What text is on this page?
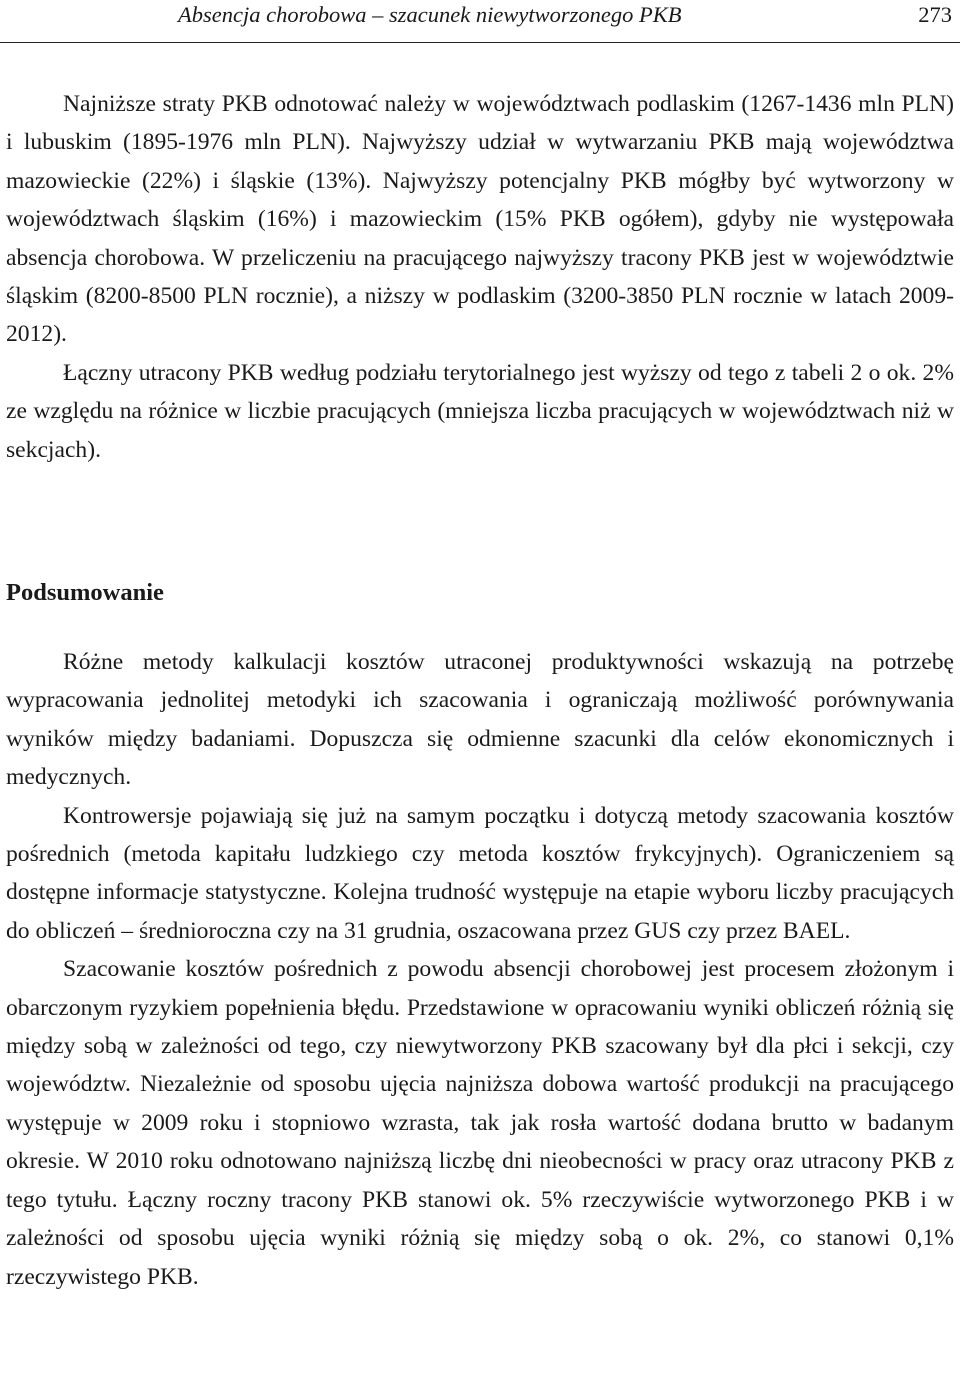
Absencja chorobowa – szacunek niewytworzonego PKB	273

Najniższe straty PKB odnotować należy w województwach podlaskim (1267-1436 mln PLN) i lubuskim (1895-1976 mln PLN). Najwyższy udział w wytwarzaniu PKB mają województwa mazowieckie (22%) i śląskie (13%). Najwyższy potencjalny PKB mógłby być wytworzony w województwach śląskim (16%) i mazowieckim (15% PKB ogółem), gdyby nie występowała absencja chorobowa. W przeliczeniu na pracującego najwyższy tracony PKB jest w województwie śląskim (8200-8500 PLN rocznie), a niższy w podlaskim (3200-3850 PLN rocznie w latach 2009-2012).

Łączny utracony PKB według podziału terytorialnego jest wyższy od tego z tabeli 2 o ok. 2% ze względu na różnice w liczbie pracujących (mniejsza liczba pracujących w województwach niż w sekcjach).

Podsumowanie

Różne metody kalkulacji kosztów utraconej produktywności wskazują na potrzebę wypracowania jednolitej metodyki ich szacowania i ograniczają możliwość porównywania wyników między badaniami. Dopuszcza się odmienne szacunki dla celów ekonomicznych i medycznych.

Kontrowersje pojawiają się już na samym początku i dotyczą metody szacowania kosztów pośrednich (metoda kapitału ludzkiego czy metoda kosztów frykcyjnych). Ograniczeniem są dostępne informacje statystyczne. Kolejna trudność występuje na etapie wyboru liczby pracujących do obliczeń – średnioroczna czy na 31 grudnia, oszacowana przez GUS czy przez BAEL.

Szacowanie kosztów pośrednich z powodu absencji chorobowej jest procesem złożonym i obarczonym ryzykiem popełnienia błędu. Przedstawione w opracowaniu wyniki obliczeń różnią się między sobą w zależności od tego, czy niewytworzony PKB szacowany był dla płci i sekcji, czy województw. Niezależnie od sposobu ujęcia najniższa dobowa wartość produkcji na pracującego występuje w 2009 roku i stopniowo wzrasta, tak jak rosła wartość dodana brutto w badanym okresie. W 2010 roku odnotowano najniższą liczbę dni nieobecności w pracy oraz utracony PKB z tego tytułu. Łączny roczny tracony PKB stanowi ok. 5% rzeczywiście wytworzonego PKB i w zależności od sposobu ujęcia wyniki różnią się między sobą o ok. 2%, co stanowi 0,1% rzeczywistego PKB.
